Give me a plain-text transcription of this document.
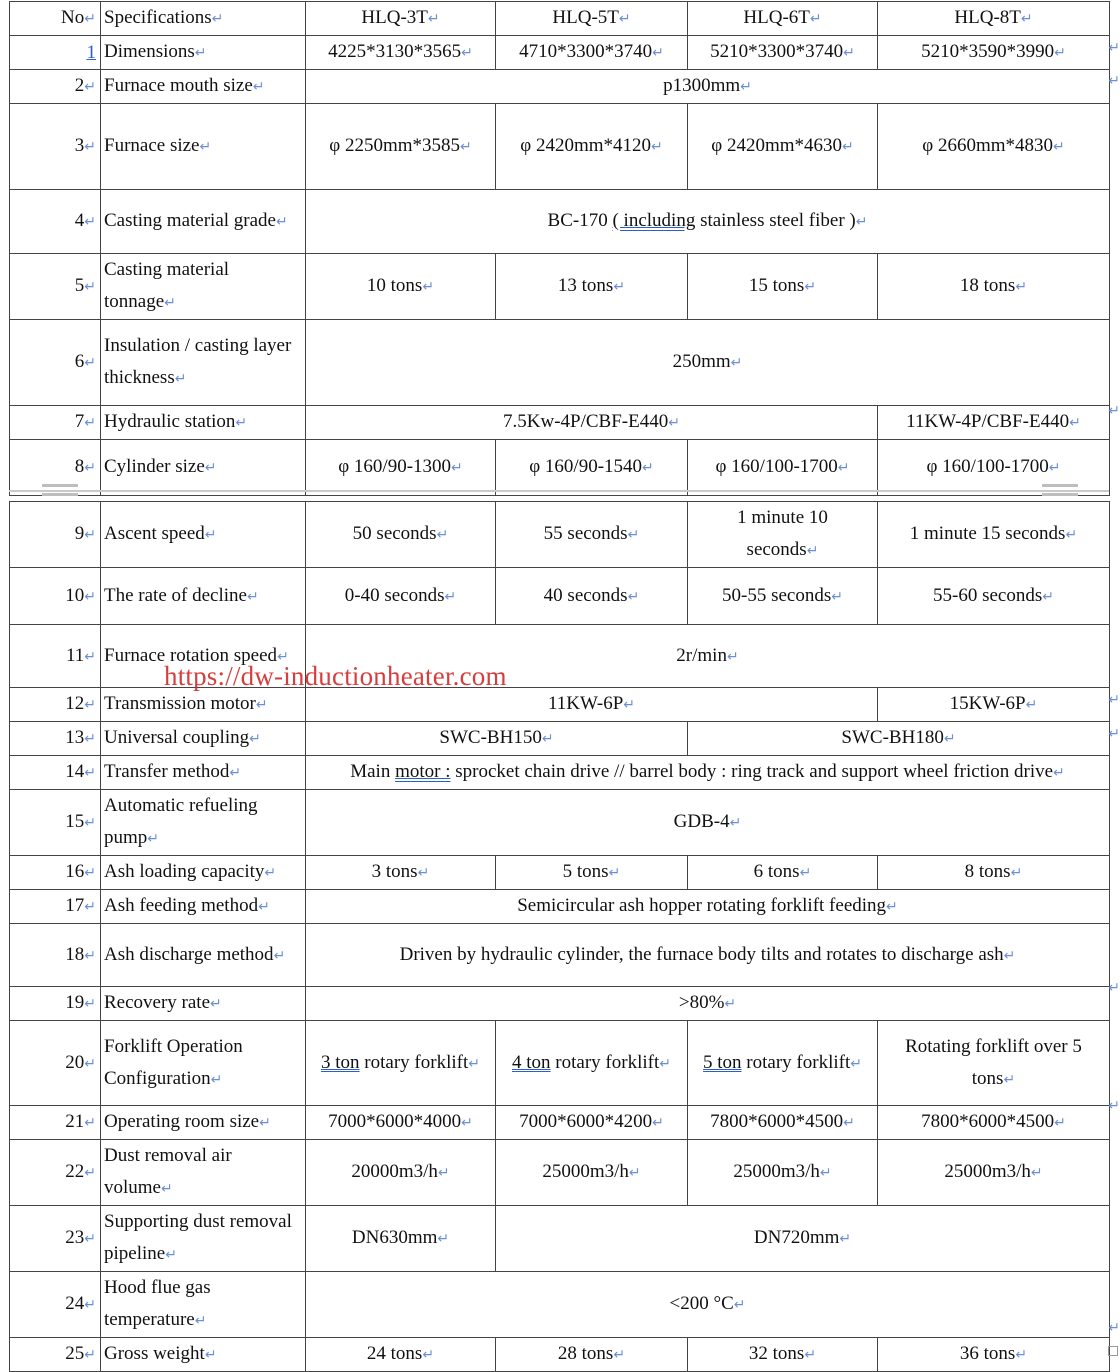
No↵	Specifications↵	HLQ-3T↵	HLQ-5T↵	HLQ-6T↵	HLQ-8T↵
1	Dimensions↵	4225*3130*3565↵	4710*3300*3740↵	5210*3300*3740↵	5210*3590*3990↵
2↵	Furnace mouth size↵	p1300mm↵			
3↵	Furnace size↵	φ 2250mm*3585↵	φ 2420mm*4120↵	φ 2420mm*4630↵	φ 2660mm*4830↵
4↵	Casting material grade↵	BC-170 ( including stainless steel fiber )↵			
5↵	Casting material tonnage↵	10 tons↵	13 tons↵	15 tons↵	18 tons↵
6↵	Insulation / casting layer thickness↵	250mm↵			
7↵	Hydraulic station↵	7.5Kw-4P/CBF-E440↵			11KW-4P/CBF-E440↵
8↵	Cylinder size↵	φ 160/90-1300↵	φ 160/90-1540↵	φ 160/100-1700↵	φ 160/100-1700↵
9↵	Ascent speed↵	50 seconds↵	55 seconds↵	1 minute 10 seconds↵	1 minute 15 seconds↵
10↵	The rate of decline↵	0-40 seconds↵	40 seconds↵	50-55 seconds↵	55-60 seconds↵
11↵	Furnace rotation speed↵	2r/min↵			
12↵	Transmission motor↵	11KW-6P↵			15KW-6P↵
13↵	Universal coupling↵	SWC-BH150↵		SWC-BH180↵	
14↵	Transfer method↵	Main motor : sprocket chain drive // barrel body : ring track and support wheel friction drive↵			
15↵	Automatic refueling pump↵	GDB-4↵			
16↵	Ash loading capacity↵	3 tons↵	5 tons↵	6 tons↵	8 tons↵
17↵	Ash feeding method↵	Semicircular ash hopper rotating forklift feeding↵			
18↵	Ash discharge method↵	Driven by hydraulic cylinder, the furnace body tilts and rotates to discharge ash↵			
19↵	Recovery rate↵	>80%↵			
20↵	Forklift Operation Configuration↵	3 ton rotary forklift↵	4 ton rotary forklift↵	5 ton rotary forklift↵	Rotating forklift over 5 tons↵
21↵	Operating room size↵	7000*6000*4000↵	7000*6000*4200↵	7800*6000*4500↵	7800*6000*4500↵
22↵	Dust removal air volume↵	20000m3/h↵	25000m3/h↵	25000m3/h↵	25000m3/h↵
23↵	Supporting dust removal pipeline↵	DN630mm↵	DN720mm↵		
24↵	Hood flue gas temperature↵	<200 °C↵			
25↵	Gross weight↵	24 tons↵	28 tons↵	32 tons↵	36 tons↵
↵
↵
↵
↵
↵
↵
↵
↵
https://dw-inductionheater.com
